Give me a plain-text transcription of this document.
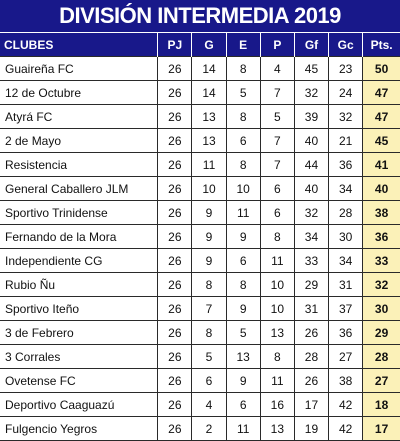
DIVISIÓN INTERMEDIA 2019
CLUBES	PJ	G	E	P	Gf	Gc	Pts.
Guaireña FC	26	14	8	4	45	23	50
12 de Octubre	26	14	5	7	32	24	47
Atyrá FC	26	13	8	5	39	32	47
2 de Mayo	26	13	6	7	40	21	45
Resistencia	26	11	8	7	44	36	41
General Caballero JLM	26	10	10	6	40	34	40
Sportivo Trinidense	26	9	11	6	32	28	38
Fernando de la Mora	26	9	9	8	34	30	36
Independiente CG	26	9	6	11	33	34	33
Rubio Ñu	26	8	8	10	29	31	32
Sportivo Iteño	26	7	9	10	31	37	30
3 de Febrero	26	8	5	13	26	36	29
3 Corrales	26	5	13	8	28	27	28
Ovetense FC	26	6	9	11	26	38	27
Deportivo Caaguazú	26	4	6	16	17	42	18
Fulgencio Yegros	26	2	11	13	19	42	17
